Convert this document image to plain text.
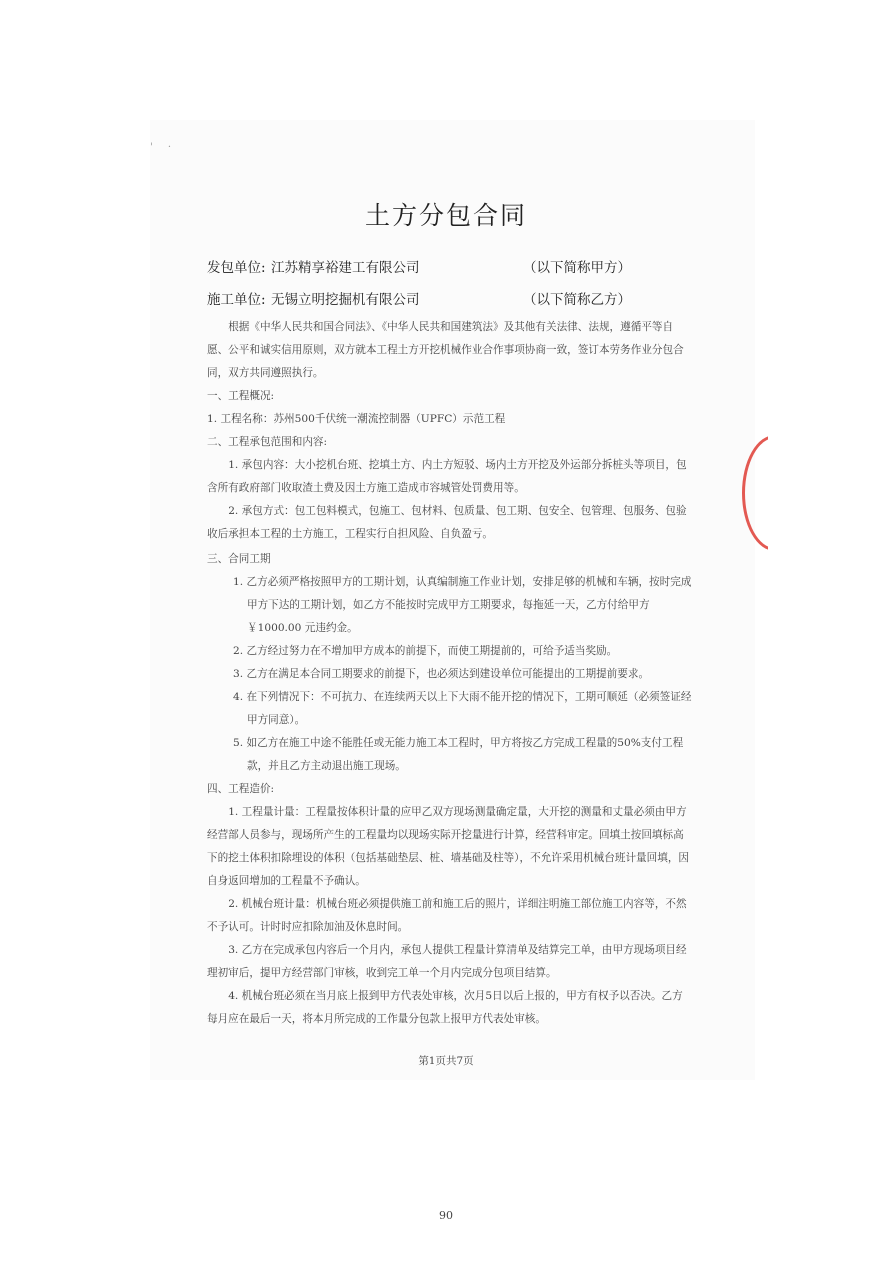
' ·
土方分包合同
发包单位: 江苏精享裕建工有限公司	（以下简称甲方）
施工单位: 无锡立明挖掘机有限公司	（以下简称乙方）

根据《中华人民共和国合同法》、《中华人民共和国建筑法》及其他有关法律、法规，遵循平等自愿、公平和诚实信用原则，双方就本工程土方开挖机械作业合作事项协商一致，签订本劳务作业分包合同，双方共同遵照执行。

一、工程概况:

1. 工程名称：苏州500千伏统一潮流控制器（UPFC）示范工程

二、工程承包范围和内容:

1. 承包内容：大小挖机台班、挖填土方、内土方短驳、场内土方开挖及外运部分拆桩头等项目，包含所有政府部门收取渣土费及因土方施工造成市容城管处罚费用等。

2. 承包方式：包工包料模式，包施工、包材料、包质量、包工期、包安全、包管理、包服务、包验收后承担本工程的土方施工，工程实行自担风险、自负盈亏。

三、合同工期

1. 乙方必须严格按照甲方的工期计划，认真编制施工作业计划，安排足够的机械和车辆，按时完成甲方下达的工期计划，如乙方不能按时完成甲方工期要求，每拖延一天，乙方付给甲方￥1000.00 元违约金。

2. 乙方经过努力在不增加甲方成本的前提下，而使工期提前的，可给予适当奖励。

3. 乙方在满足本合同工期要求的前提下，也必须达到建设单位可能提出的工期提前要求。

4. 在下列情况下：不可抗力、在连续两天以上下大雨不能开挖的情况下，工期可顺延（必须签证经甲方同意）。

5. 如乙方在施工中途不能胜任或无能力施工本工程时，甲方将按乙方完成工程量的50%支付工程款，并且乙方主动退出施工现场。

四、工程造价:

1. 工程量计量：工程量按体积计量的应甲乙双方现场测量确定量，大开挖的测量和丈量必须由甲方经营部人员参与，现场所产生的工程量均以现场实际开挖量进行计算，经营科审定。回填土按回填标高下的挖土体积扣除埋设的体积（包括基础垫层、桩、墙基础及柱等），不允许采用机械台班计量回填，因自身返回增加的工程量不予确认。

2. 机械台班计量：机械台班必须提供施工前和施工后的照片，详细注明施工部位施工内容等，不然不予认可。计时时应扣除加油及休息时间。

3. 乙方在完成承包内容后一个月内，承包人提供工程量计算清单及结算完工单，由甲方现场项目经理初审后，提甲方经营部门审核，收到完工单一个月内完成分包项目结算。

4. 机械台班必须在当月底上报到甲方代表处审核，次月5日以后上报的，甲方有权予以否决。乙方每月应在最后一天，将本月所完成的工作量分包款上报甲方代表处审核。

第1页共7页
90
